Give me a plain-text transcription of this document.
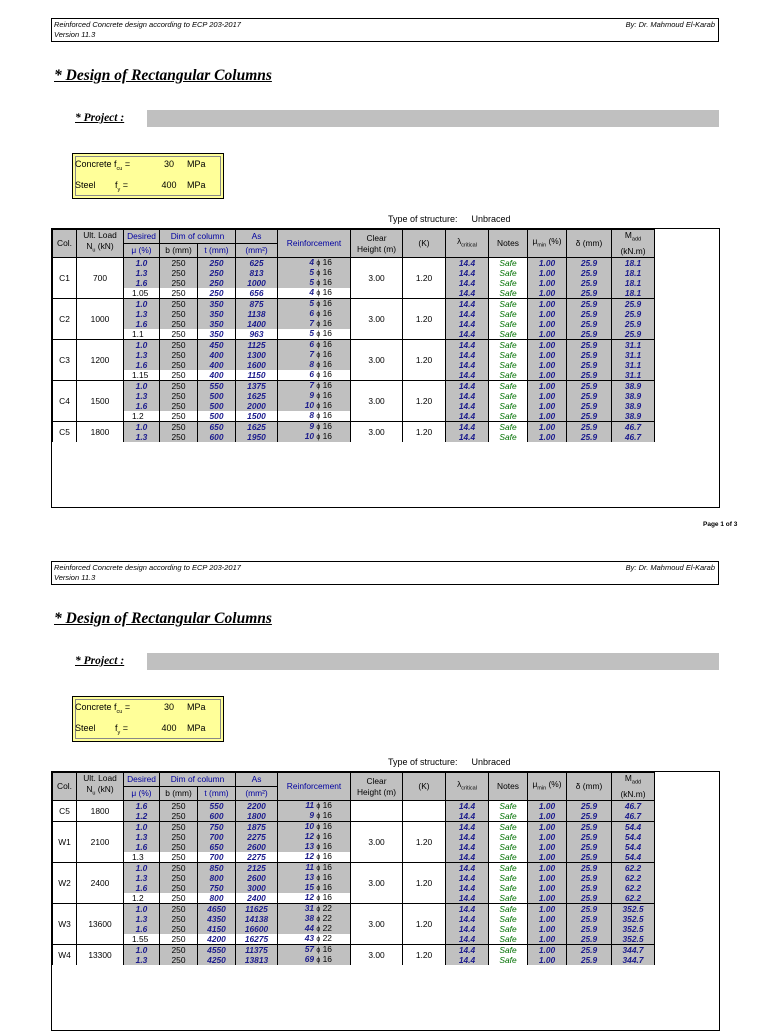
Reinforced Concrete design according to ECP 203-2017
Version 11.3
By: Dr. Mahmoud El-Karab
* Design of Rectangular Columns
* Project :
Concrete $f_{cu}$ =	30	MPa
Steel $f_y$ =	400 MPa
Type of structure: Unbraced
Col.	Ult. Load
$N_u$ (kN)	Desired	Dim of column		As	Reinforcement	Clear
Height (m)	(K)	$\lambda_{critical}$	Notes	$\mu_{min}$ (%)	δ (mm)	$M_{add}$
(kN.m)
		μ (%)	b (mm)	t (mm)	(mm²)								
C1	700	1.0	250	250	625	4 ϕ 16	3.00	1.20	14.4	Safe	1.00	25.9	18.1
		1.3	250	250	813	5 ϕ 16			14.4	Safe	1.00	25.9	18.1
		1.6	250	250	1000	5 ϕ 16			14.4	Safe	1.00	25.9	18.1
		1.05	250	250	656	4 ϕ 16			14.4	Safe	1.00	25.9	18.1
C2	1000	1.0	250	350	875	5 ϕ 16	3.00	1.20	14.4	Safe	1.00	25.9	25.9
		1.3	250	350	1138	6 ϕ 16			14.4	Safe	1.00	25.9	25.9
		1.6	250	350	1400	7 ϕ 16			14.4	Safe	1.00	25.9	25.9
		1.1	250	350	963	5 ϕ 16			14.4	Safe	1.00	25.9	25.9
C3	1200	1.0	250	450	1125	6 ϕ 16	3.00	1.20	14.4	Safe	1.00	25.9	31.1
		1.3	250	400	1300	7 ϕ 16			14.4	Safe	1.00	25.9	31.1
		1.6	250	400	1600	8 ϕ 16			14.4	Safe	1.00	25.9	31.1
		1.15	250	400	1150	6 ϕ 16			14.4	Safe	1.00	25.9	31.1
C4	1500	1.0	250	550	1375	7 ϕ 16	3.00	1.20	14.4	Safe	1.00	25.9	38.9
		1.3	250	500	1625	9 ϕ 16			14.4	Safe	1.00	25.9	38.9
		1.6	250	500	2000	10 ϕ 16			14.4	Safe	1.00	25.9	38.9
		1.2	250	500	1500	8 ϕ 16			14.4	Safe	1.00	25.9	38.9
C5	1800	1.0	250	650	1625	9 ϕ 16	3.00	1.20	14.4	Safe	1.00	25.9	46.7
		1.3	250	600	1950	10 ϕ 16			14.4	Safe	1.00	25.9	46.7
Page 1 of 3
Reinforced Concrete design according to ECP 203-2017
Version 11.3
By: Dr. Mahmoud El-Karab
* Design of Rectangular Columns
* Project :
Concrete $f_{cu}$ =	30	MPa
Steel $f_y$ =	400 MPa
Type of structure: Unbraced
Col.	Ult. Load
$N_u$ (kN)	Desired	Dim of column		As	Reinforcement	Clear
Height (m)	(K)	$\lambda_{critical}$	Notes	$\mu_{min}$ (%)	δ (mm)	$M_{add}$
(kN.m)
		μ (%)	b (mm)	t (mm)	(mm²)								
C5	1800	1.6	250	550	2200	11 ϕ 16			14.4	Safe	1.00	25.9	46.7
		1.2	250	600	1800	9 ϕ 16			14.4	Safe	1.00	25.9	46.7
W1	2100	1.0	250	750	1875	10 ϕ 16	3.00	1.20	14.4	Safe	1.00	25.9	54.4
		1.3	250	700	2275	12 ϕ 16			14.4	Safe	1.00	25.9	54.4
		1.6	250	650	2600	13 ϕ 16			14.4	Safe	1.00	25.9	54.4
		1.3	250	700	2275	12 ϕ 16			14.4	Safe	1.00	25.9	54.4
W2	2400	1.0	250	850	2125	11 ϕ 16	3.00	1.20	14.4	Safe	1.00	25.9	62.2
		1.3	250	800	2600	13 ϕ 16			14.4	Safe	1.00	25.9	62.2
		1.6	250	750	3000	15 ϕ 16			14.4	Safe	1.00	25.9	62.2
		1.2	250	800	2400	12 ϕ 16			14.4	Safe	1.00	25.9	62.2
W3	13600	1.0	250	4650	11625	31 ϕ 22	3.00	1.20	14.4	Safe	1.00	25.9	352.5
		1.3	250	4350	14138	38 ϕ 22			14.4	Safe	1.00	25.9	352.5
		1.6	250	4150	16600	44 ϕ 22			14.4	Safe	1.00	25.9	352.5
		1.55	250	4200	16275	43 ϕ 22			14.4	Safe	1.00	25.9	352.5
W4	13300	1.0	250	4550	11375	57 ϕ 16	3.00	1.20	14.4	Safe	1.00	25.9	344.7
		1.3	250	4250	13813	69 ϕ 16			14.4	Safe	1.00	25.9	344.7
